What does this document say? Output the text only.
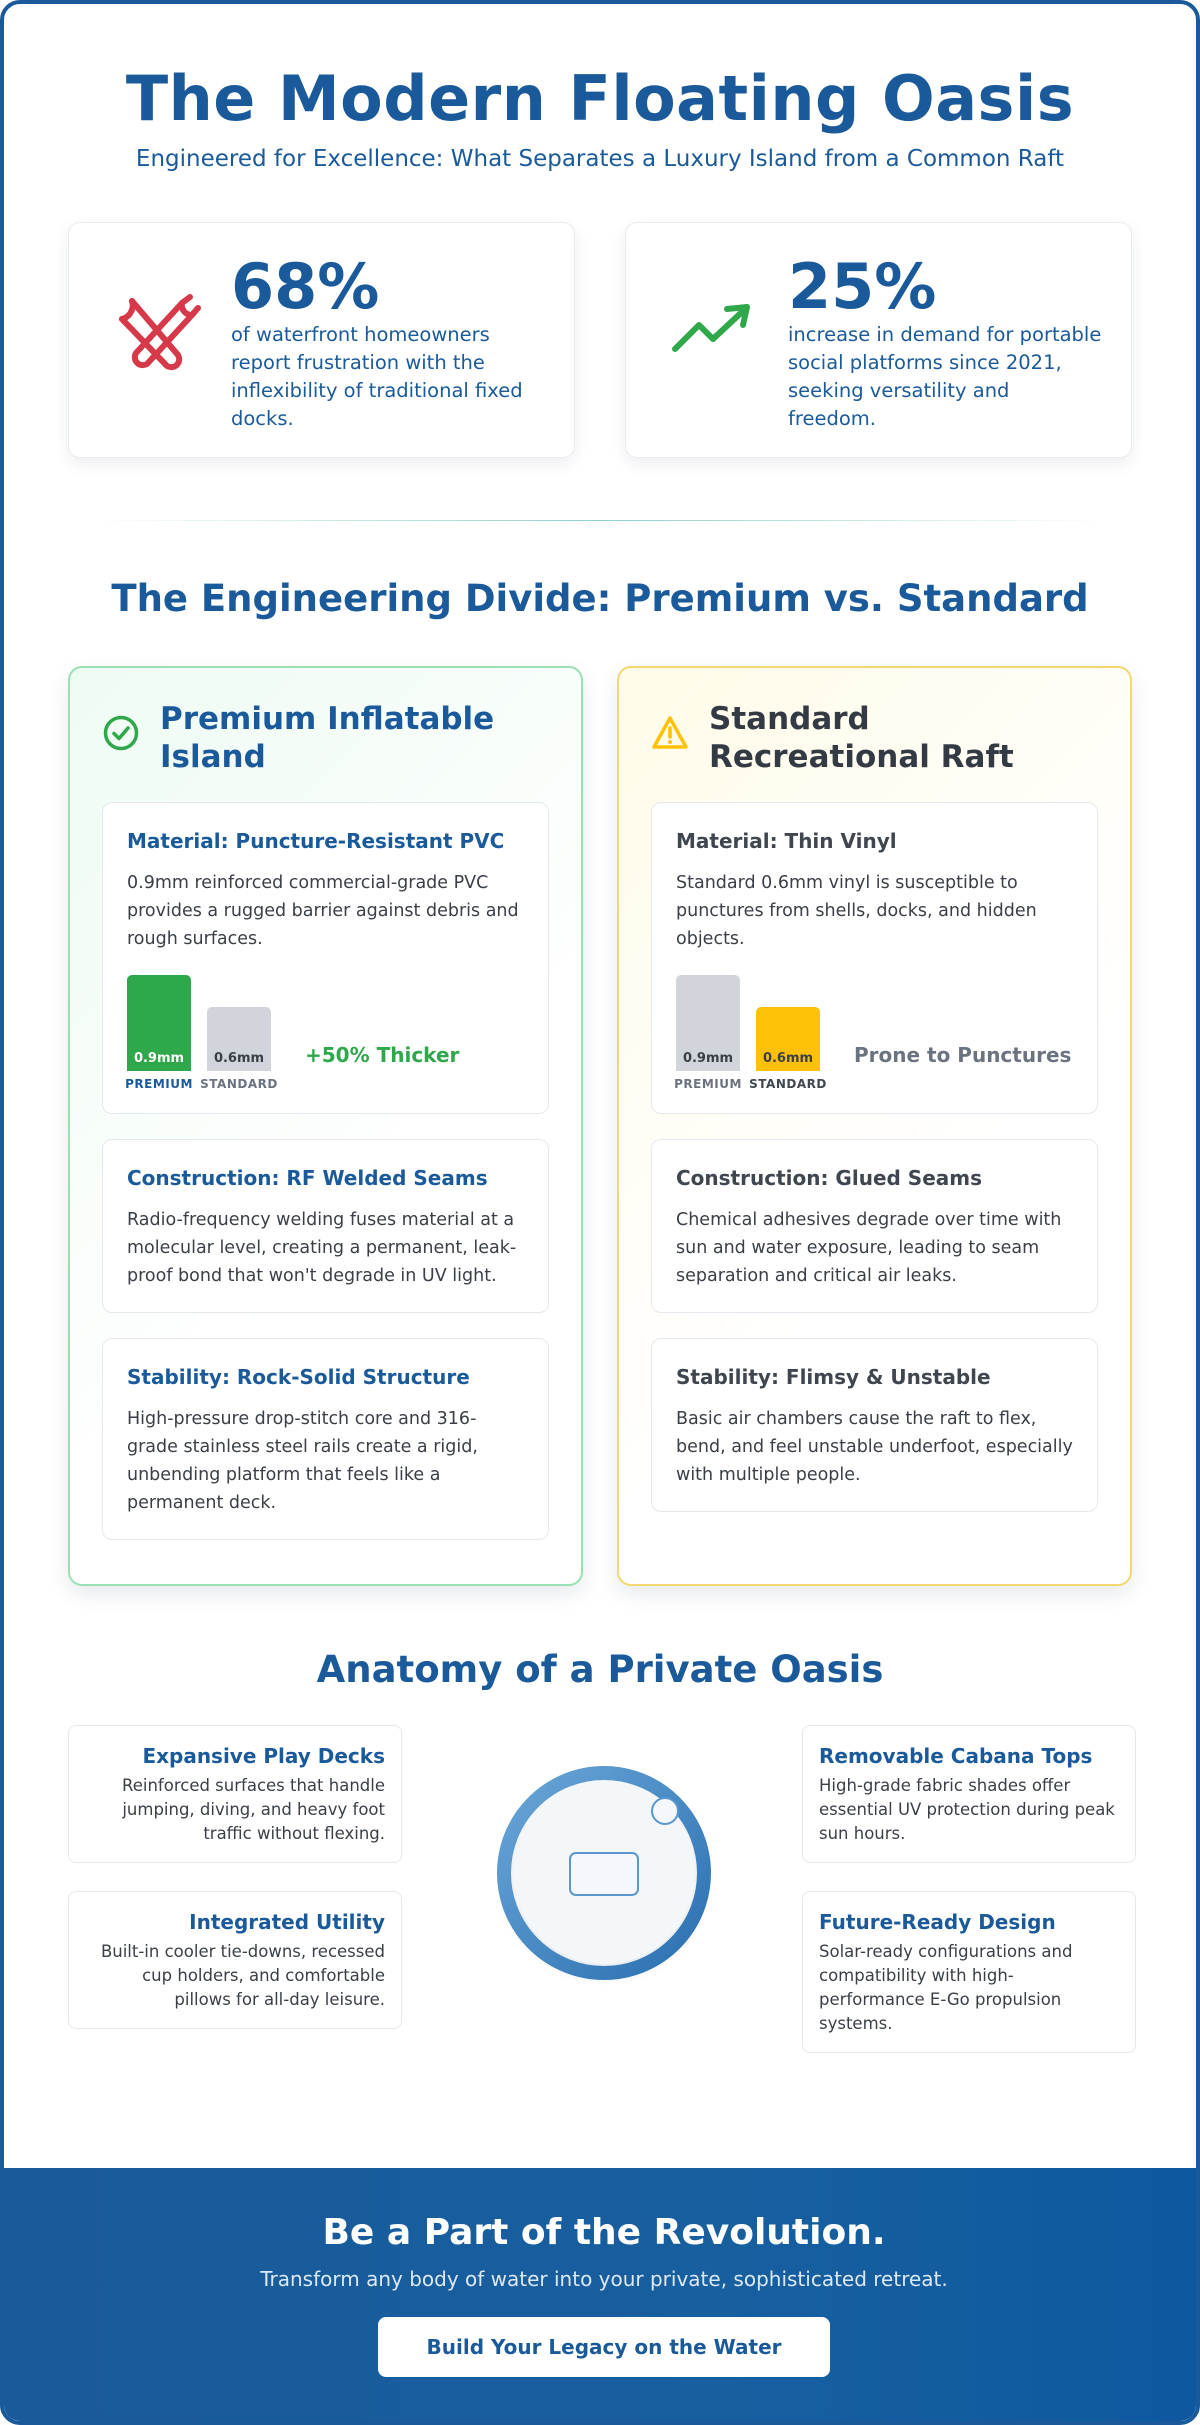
The Modern Floating Oasis

Engineered for Excellence: What Separates a Luxury Island from a Common Raft

68%
of waterfront homeowners report frustration with the inflexibility of traditional fixed docks.
25%
increase in demand for portable social platforms since 2021, seeking versatility and freedom.
The Engineering Divide: Premium vs. Standard
Premium Inflatable Island
Material: Puncture-Resistant PVC

0.9mm reinforced commercial-grade PVC provides a rugged barrier against debris and rough surfaces.

0.9mm
PREMIUM
0.6mm
STANDARD
+50% Thicker
Construction: RF Welded Seams

Radio-frequency welding fuses material at a molecular level, creating a permanent, leak-proof bond that won't degrade in UV light.

Stability: Rock-Solid Structure

High-pressure drop-stitch core and 316-grade stainless steel rails create a rigid, unbending platform that feels like a permanent deck.

Standard Recreational Raft
Material: Thin Vinyl

Standard 0.6mm vinyl is susceptible to punctures from shells, docks, and hidden objects.

0.9mm
PREMIUM
0.6mm
STANDARD
Prone to Punctures
Construction: Glued Seams

Chemical adhesives degrade over time with sun and water exposure, leading to seam separation and critical air leaks.

Stability: Flimsy & Unstable

Basic air chambers cause the raft to flex, bend, and feel unstable underfoot, especially with multiple people.

Anatomy of a Private Oasis
Expansive Play Decks

Reinforced surfaces that handle jumping, diving, and heavy foot traffic without flexing.

Integrated Utility

Built-in cooler tie-downs, recessed cup holders, and comfortable pillows for all-day leisure.

Removable Cabana Tops

High-grade fabric shades offer essential UV protection during peak sun hours.

Future-Ready Design

Solar-ready configurations and compatibility with high-performance E-Go propulsion systems.

Be a Part of the Revolution.

Transform any body of water into your private, sophisticated retreat.

Build Your Legacy on the Water
